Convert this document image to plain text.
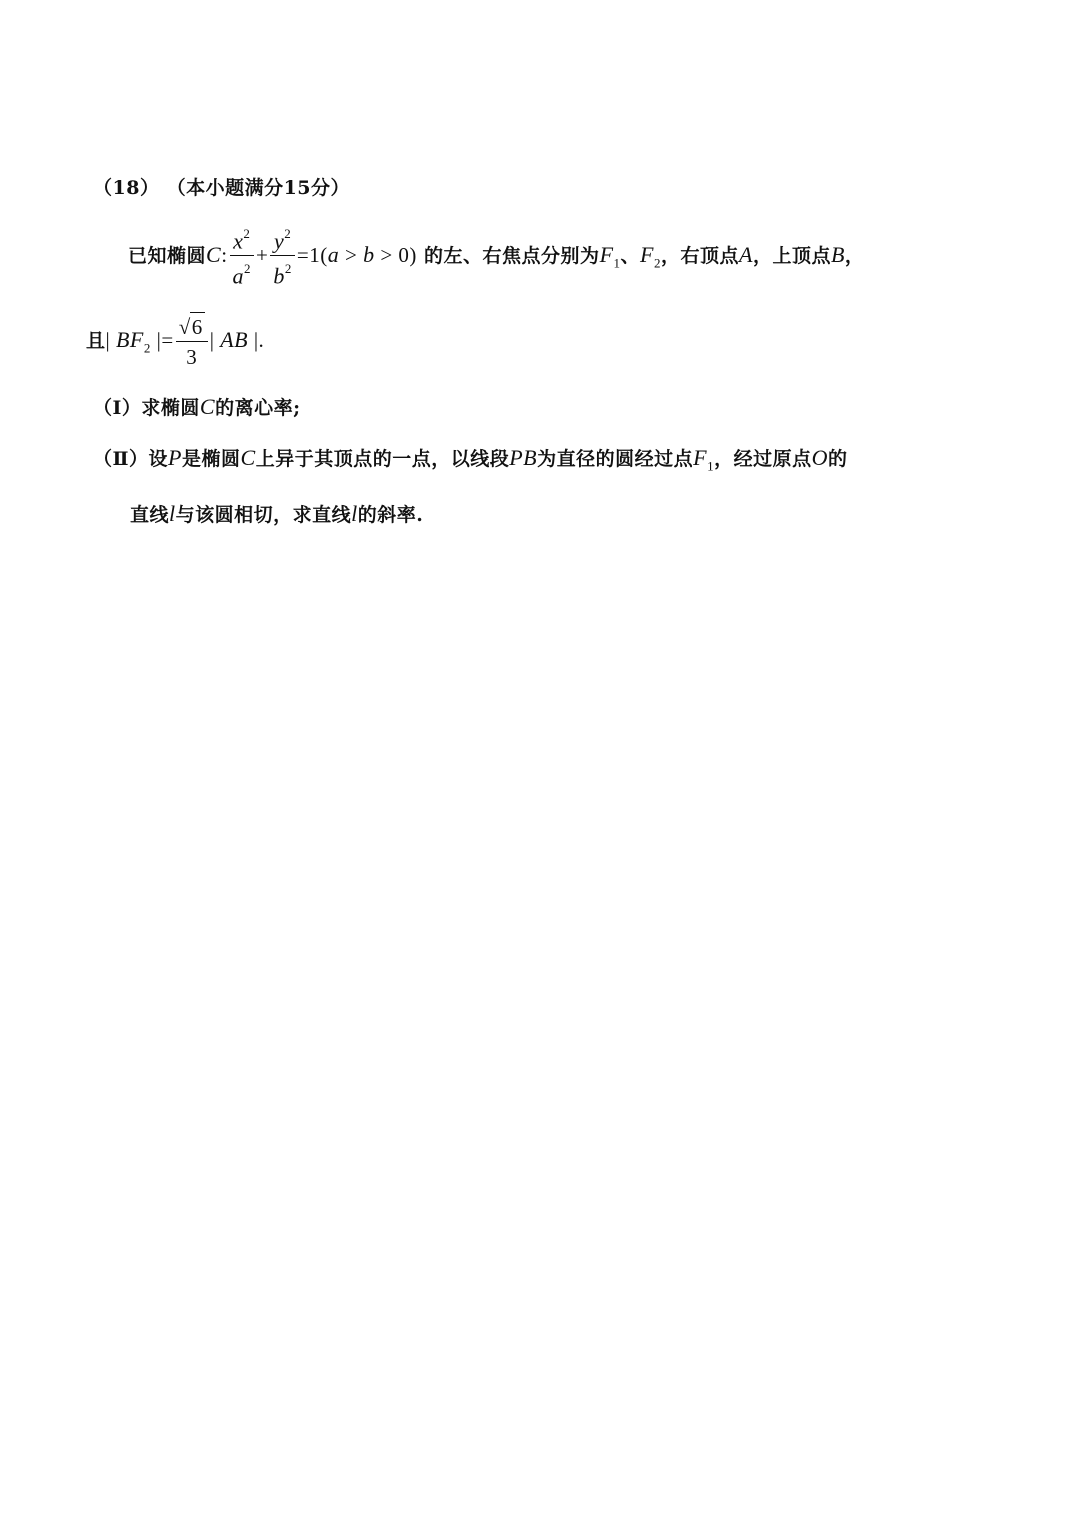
（18） （本小题满分15分）
已知椭圆C: $\frac{x^2}{a^2} + \frac{y^2}{b^2} =1(a > b > 0)$ 的左、右焦点分别为$F_1$、$F_2$，右顶点A，上顶点B，
且| $BF_2$ |= $\frac{√6}{3}$ | AB |.
（Ⅰ）求椭圆C的离心率;
（Ⅱ）设P是椭圆C上异于其顶点的一点，以线段PB为直径的圆经过点$F_1$，经过原点O的
直线l与该圆相切，求直线l的斜率.
